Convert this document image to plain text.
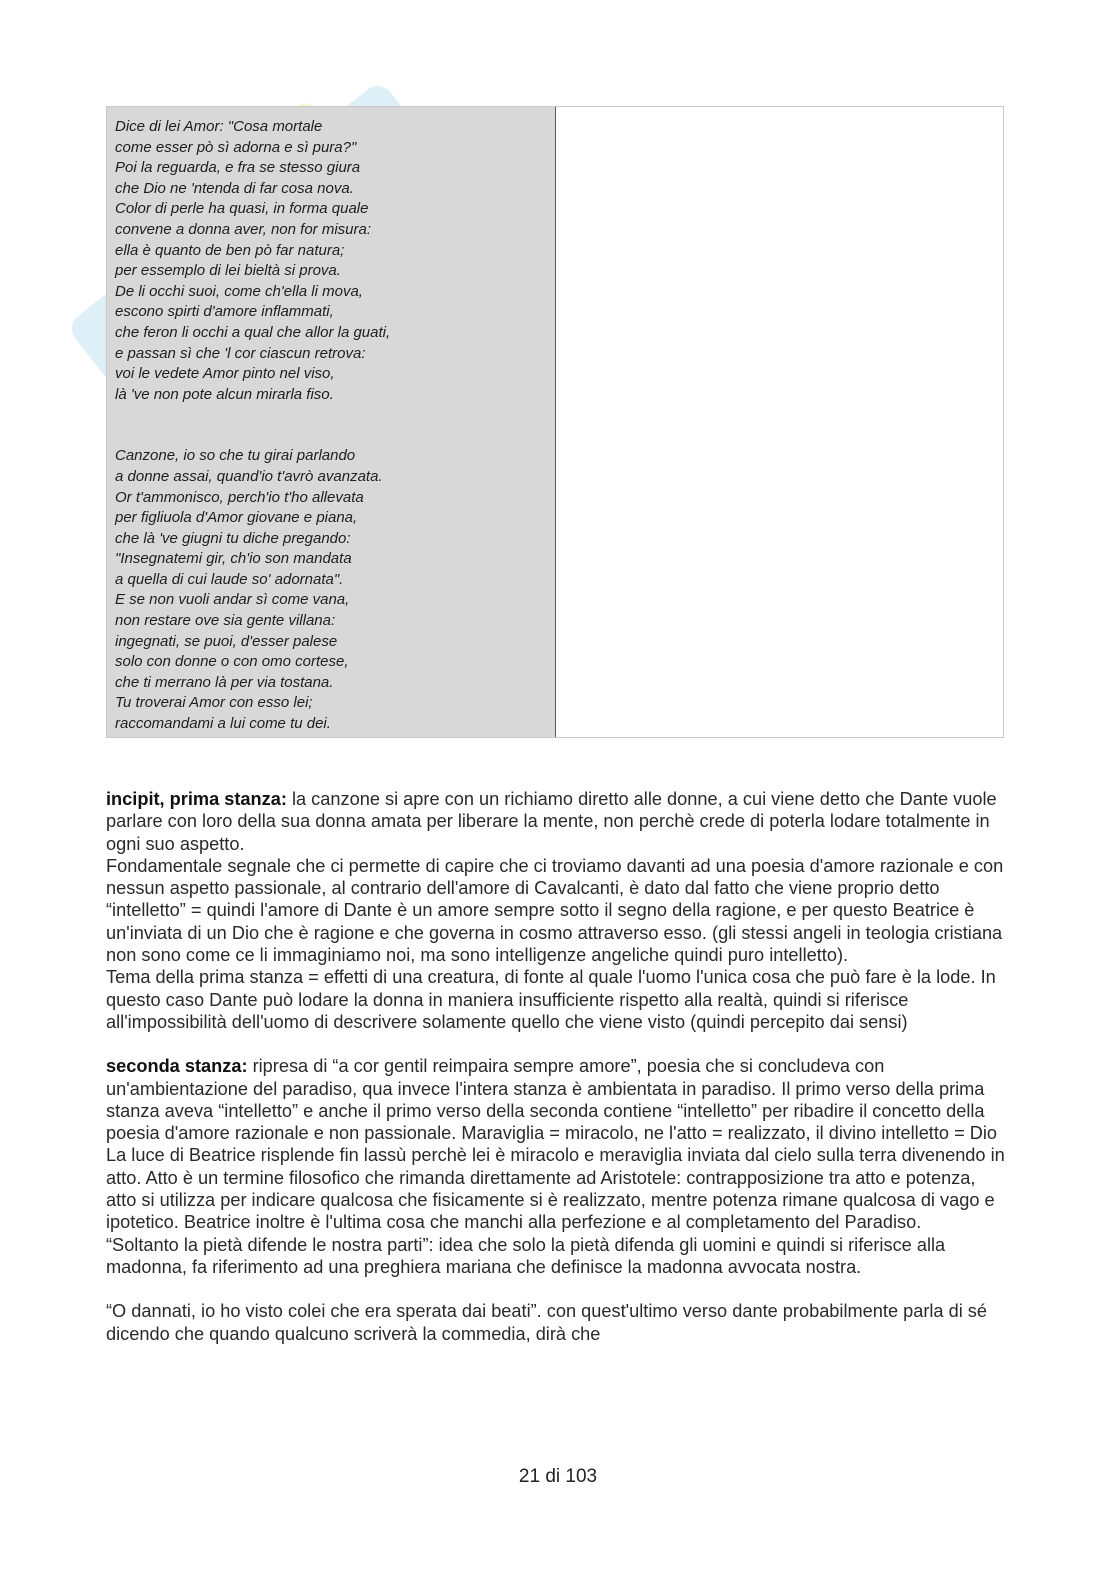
Dice di lei Amor: "Cosa mortale
come esser pò sì adorna e sì pura?"
Poi la reguarda, e fra se stesso giura
che Dio ne 'ntenda di far cosa nova.
Color di perle ha quasi, in forma quale
convene a donna aver, non for misura:
ella è quanto de ben pò far natura;
per essemplo di lei bieltà si prova.
De li occhi suoi, come ch'ella li mova,
escono spirti d'amore inflammati,
che feron li occhi a qual che allor la guati,
e passan sì che 'l cor ciascun retrova:
voi le vedete Amor pinto nel viso,
là 've non pote alcun mirarla fiso.
Canzone, io so che tu girai parlando
a donne assai, quand'io t'avrò avanzata.
Or t'ammonisco, perch'io t'ho allevata
per figliuola d'Amor giovane e piana,
che là 've giugni tu diche pregando:
"Insegnatemi gir, ch'io son mandata
a quella di cui laude so' adornata".
E se non vuoli andar sì come vana,
non restare ove sia gente villana:
ingegnati, se puoi, d'esser palese
solo con donne o con omo cortese,
che ti merrano là per via tostana.
Tu troverai Amor con esso lei;
raccomandami a lui come tu dei.

incipit, prima stanza: la canzone si apre con un richiamo diretto alle donne, a cui viene detto che Dante vuole parlare con loro della sua donna amata per liberare la mente, non perchè crede di poterla lodare totalmente in ogni suo aspetto.

Fondamentale segnale che ci permette di capire che ci troviamo davanti ad una poesia d'amore razionale e con nessun aspetto passionale, al contrario dell'amore di Cavalcanti, è dato dal fatto che viene proprio detto “intelletto” = quindi l'amore di Dante è un amore sempre sotto il segno della ragione, e per questo Beatrice è un'inviata di un Dio che è ragione e che governa in cosmo attraverso esso. (gli stessi angeli in teologia cristiana non sono come ce li immaginiamo noi, ma sono intelligenze angeliche quindi puro intelletto).

Tema della prima stanza = effetti di una creatura, di fonte al quale l'uomo l'unica cosa che può fare è la lode. In questo caso Dante può lodare la donna in maniera insufficiente rispetto alla realtà, quindi si riferisce all'impossibilità dell'uomo di descrivere solamente quello che viene visto (quindi percepito dai sensi)

seconda stanza: ripresa di “a cor gentil reimpaira sempre amore”, poesia che si concludeva con un'ambientazione del paradiso, qua invece l'intera stanza è ambientata in paradiso. Il primo verso della prima stanza aveva “intelletto” e anche il primo verso della seconda contiene “intelletto” per ribadire il concetto della poesia d'amore razionale e non passionale. Maraviglia = miracolo, ne l'atto = realizzato, il divino intelletto = Dio

La luce di Beatrice risplende fin lassù perchè lei è miracolo e meraviglia inviata dal cielo sulla terra divenendo in atto. Atto è un termine filosofico che rimanda direttamente ad Aristotele: contrapposizione tra atto e potenza, atto si utilizza per indicare qualcosa che fisicamente si è realizzato, mentre potenza rimane qualcosa di vago e ipotetico. Beatrice inoltre è l'ultima cosa che manchi alla perfezione e al completamento del Paradiso.

“Soltanto la pietà difende le nostra parti”: idea che solo la pietà difenda gli uomini e quindi si riferisce alla madonna, fa riferimento ad una preghiera mariana che definisce la madonna avvocata nostra.

“O dannati, io ho visto colei che era sperata dai beati”. con quest'ultimo verso dante probabilmente parla di sé dicendo che quando qualcuno scriverà la commedia, dirà che

21 di 103
